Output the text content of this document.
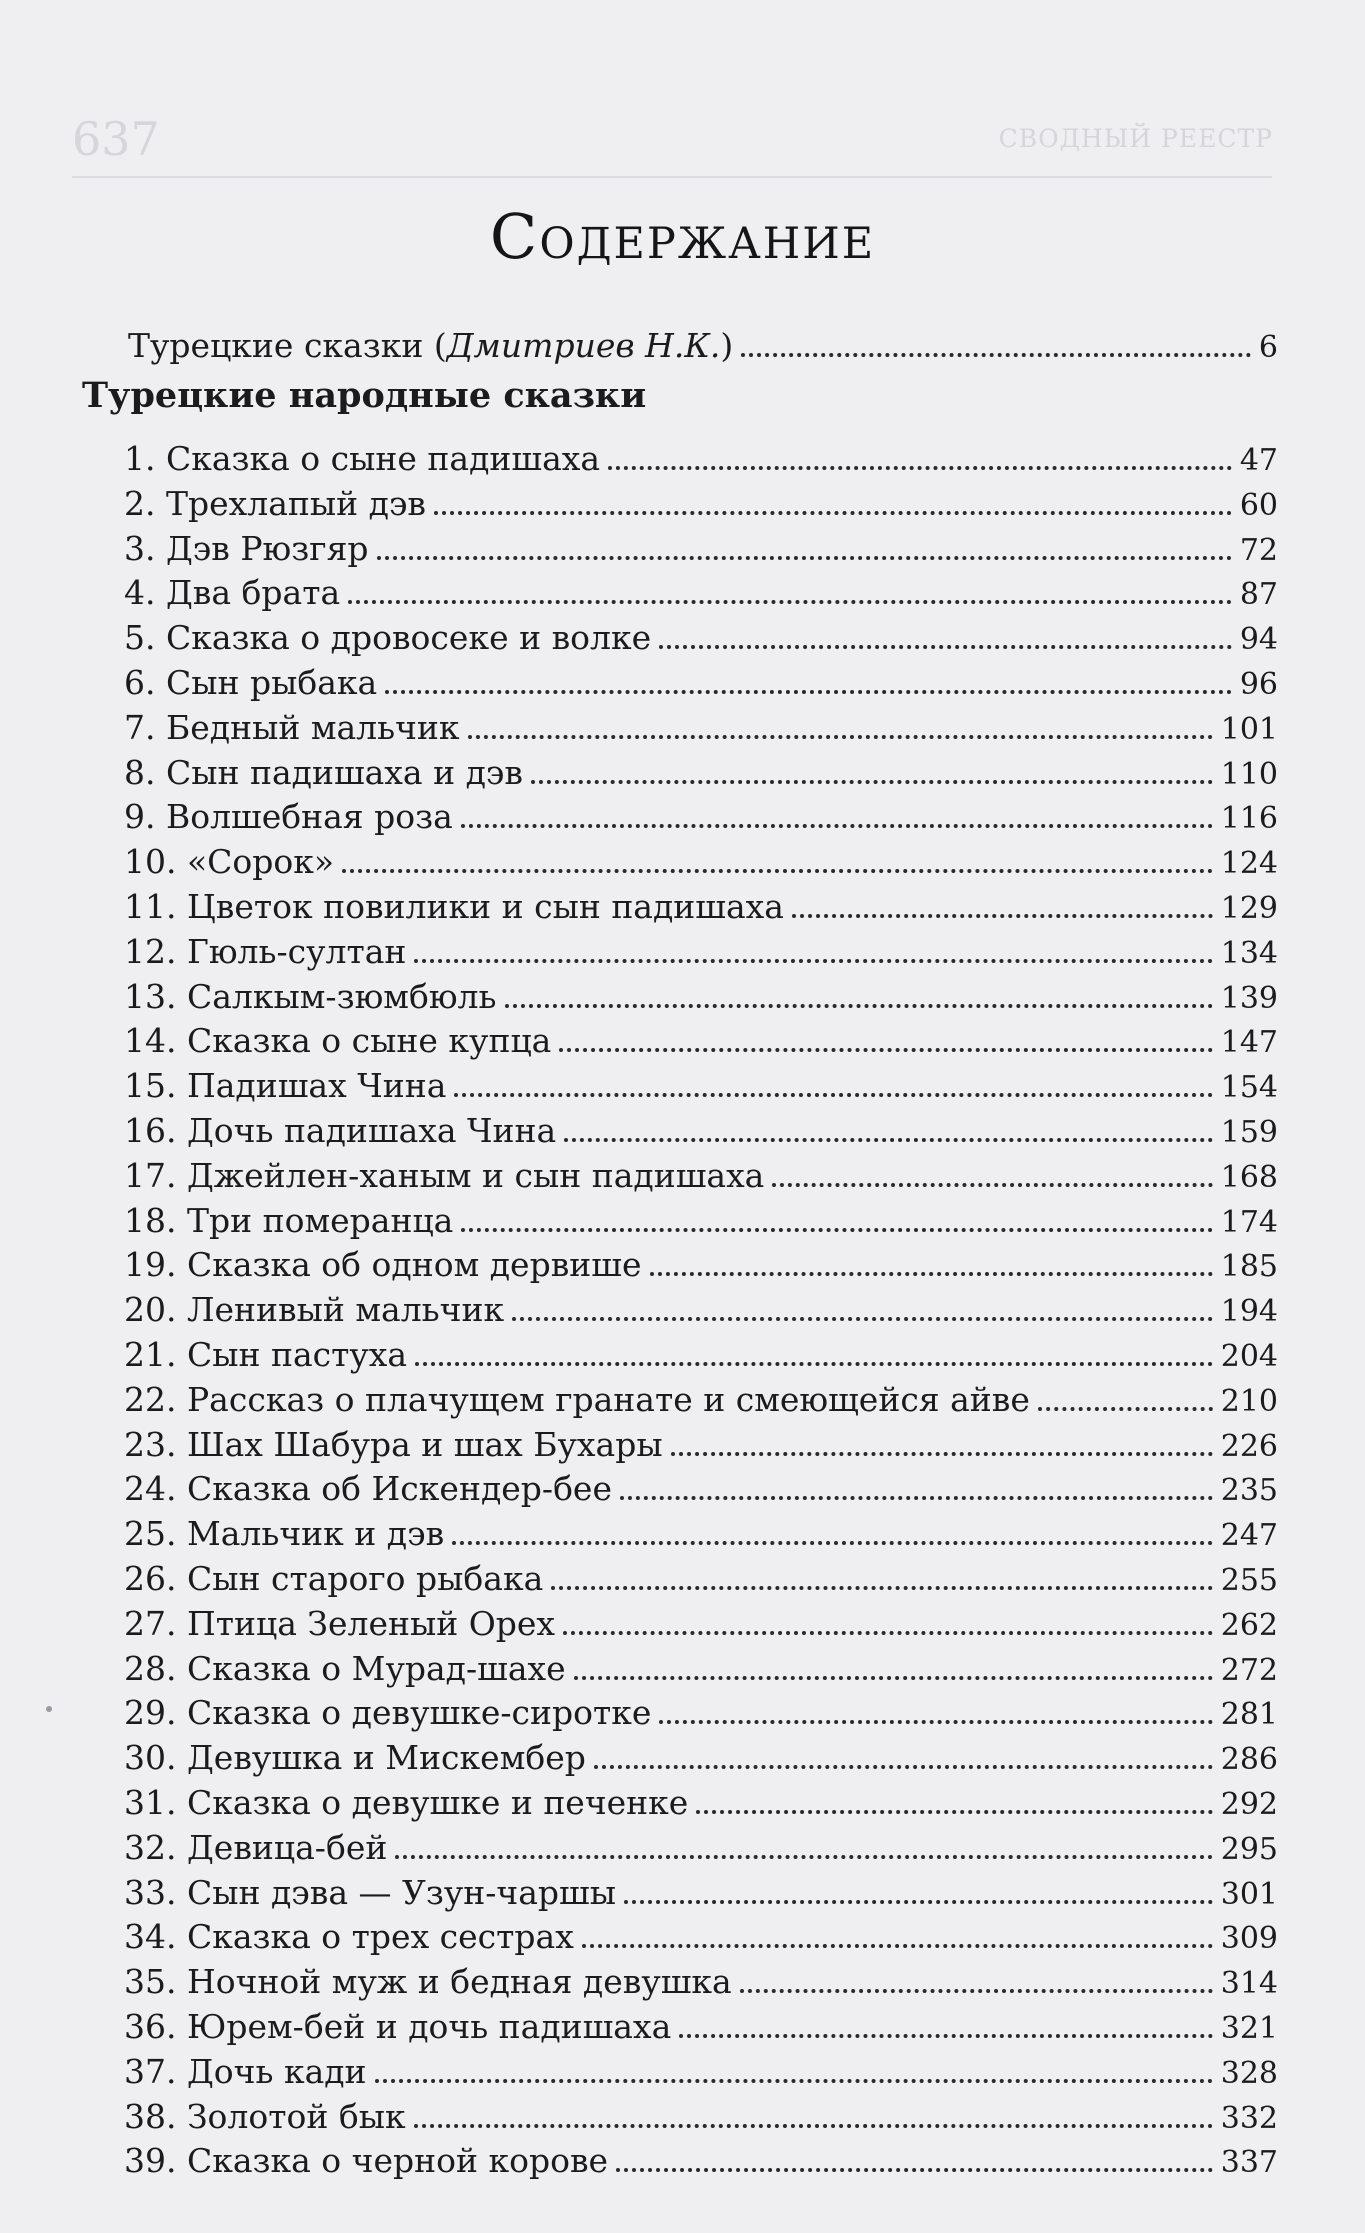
637	СВОДНЫЙ РЕЕСТР
Содержание
Турецкие сказки (Дмитриев Н.К.)	6
Турецкие народные сказки
1. Сказка о сыне падишаха	47
2. Трехлапый дэв	60
3. Дэв Рюзгяр	72
4. Два брата	87
5. Сказка о дровосеке и волке	94
6. Сын рыбака	96
7. Бедный мальчик	101
8. Сын падишаха и дэв	110
9. Волшебная роза	116
10. «Сорок»	124
11. Цветок повилики и сын падишаха	129
12. Гюль-султан	134
13. Салкым-зюмбюль	139
14. Сказка о сыне купца	147
15. Падишах Чина	154
16. Дочь падишаха Чина	159
17. Джейлен-ханым и сын падишаха	168
18. Три померанца	174
19. Сказка об одном дервише	185
20. Ленивый мальчик	194
21. Сын пастуха	204
22. Рассказ о плачущем гранате и смеющейся айве	210
23. Шах Шабура и шах Бухары	226
24. Сказка об Искендер-бее	235
25. Мальчик и дэв	247
26. Сын старого рыбака	255
27. Птица Зеленый Орех	262
28. Сказка о Мурад-шахе	272
29. Сказка о девушке-сиротке	281
30. Девушка и Мискембер	286
31. Сказка о девушке и печенке	292
32. Девица-бей	295
33. Сын дэва — Узун-чаршы	301
34. Сказка о трех сестрах	309
35. Ночной муж и бедная девушка	314
36. Юрем-бей и дочь падишаха	321
37. Дочь кади	328
38. Золотой бык	332
39. Сказка о черной корове	337
